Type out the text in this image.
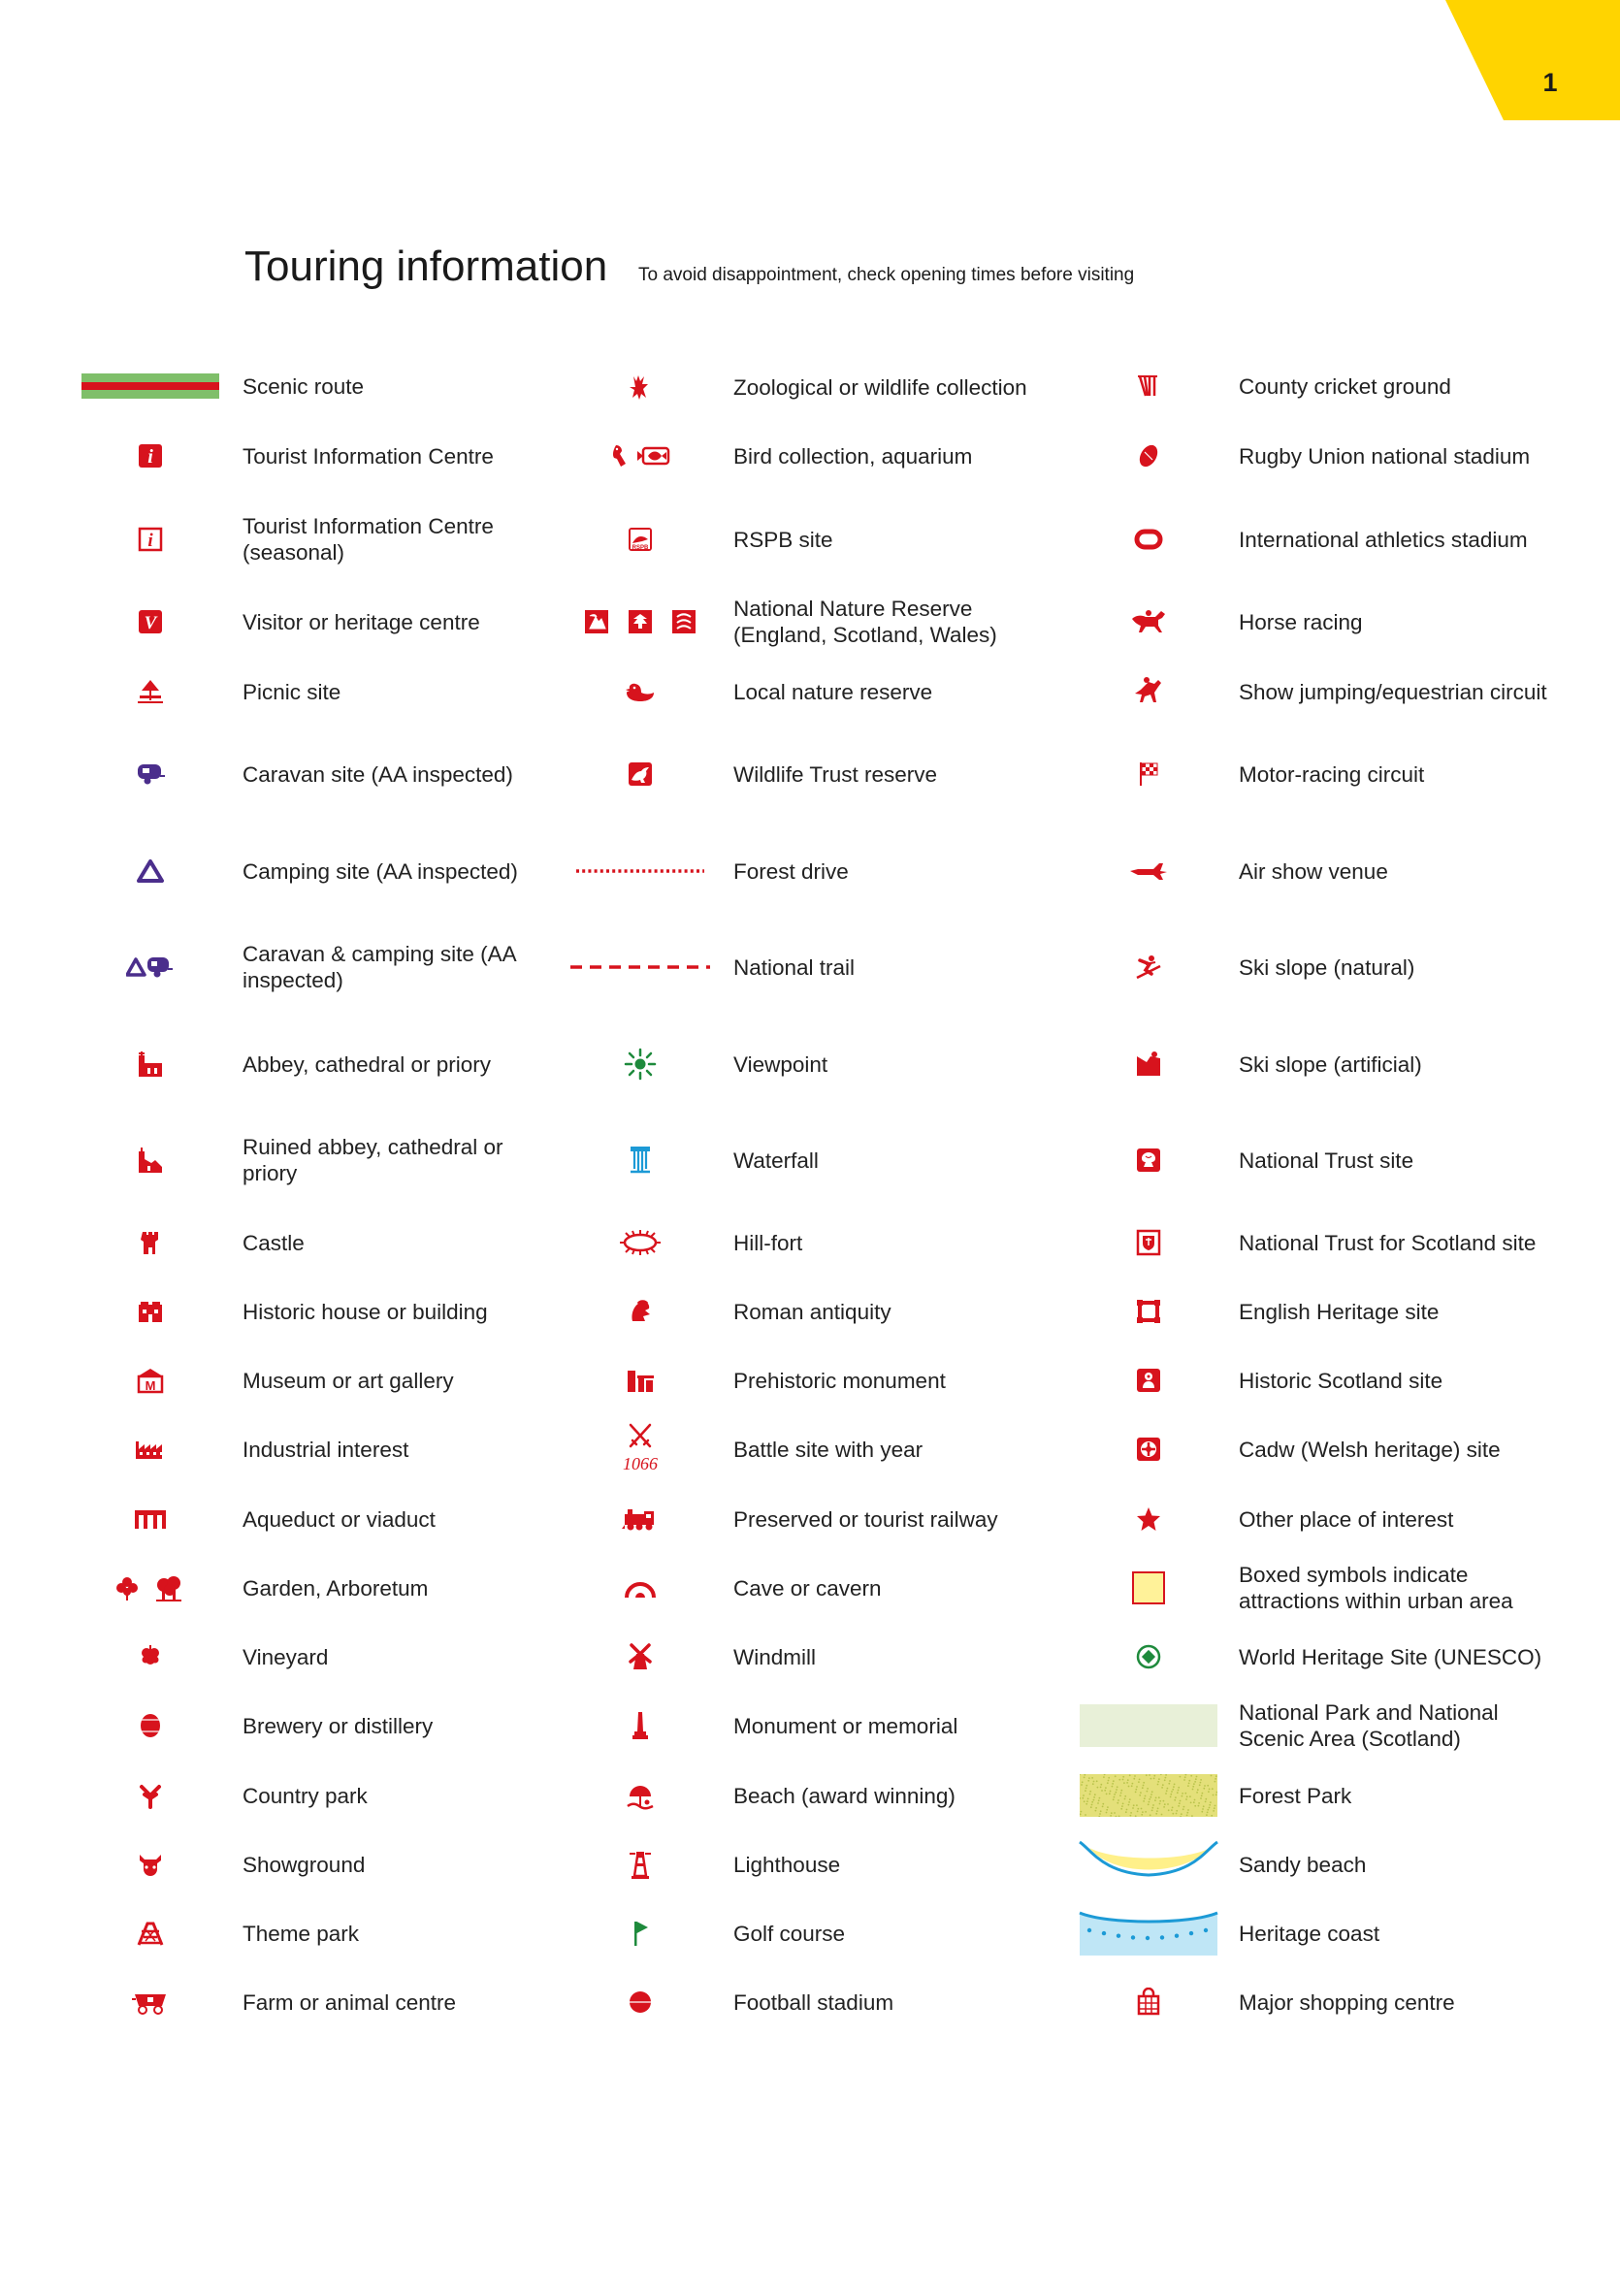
1
Touring information To avoid disappointment, check opening times before visiting
Scenic route
i	Tourist Information Centre
i
Tourist Information Centre (seasonal)
V	Visitor or heritage centre
Picnic site
Caravan site (AA inspected)
Camping site (AA inspected)
Caravan & camping site (AA inspected)
Abbey, cathedral or priory
Ruined abbey, cathedral or priory
Castle
Historic house or building
M	Museum or art gallery
Industrial interest
Aqueduct or viaduct
Garden, Arboretum
Vineyard
Brewery or distillery
Country park
Showground
Theme park
Farm or animal centre
Zoological or wildlife collection
Bird collection, aquarium
RSPB	RSPB site
National Nature Reserve (England, Scotland, Wales)
Local nature reserve
Wildlife Trust reserve
Forest drive
National trail
Viewpoint
Waterfall
Hill-fort
Roman antiquity
Prehistoric monument
1066
Battle site with year
Preserved or tourist railway
Cave or cavern
Windmill
Monument or memorial
Beach (award winning)
Lighthouse
Golf course
Football stadium
County cricket ground
Rugby Union national stadium
International athletics stadium
Horse racing
Show jumping/equestrian circuit
Motor-racing circuit
Air show venue
Ski slope (natural)
Ski slope (artificial)
National Trust site
National Trust for Scotland site
English Heritage site
Historic Scotland site
Cadw (Welsh heritage) site
Other place of interest
Boxed symbols indicate attractions within urban area
World Heritage Site (UNESCO)
National Park and National Scenic Area (Scotland)
Forest Park
Sandy beach
Heritage coast
Major shopping centre
